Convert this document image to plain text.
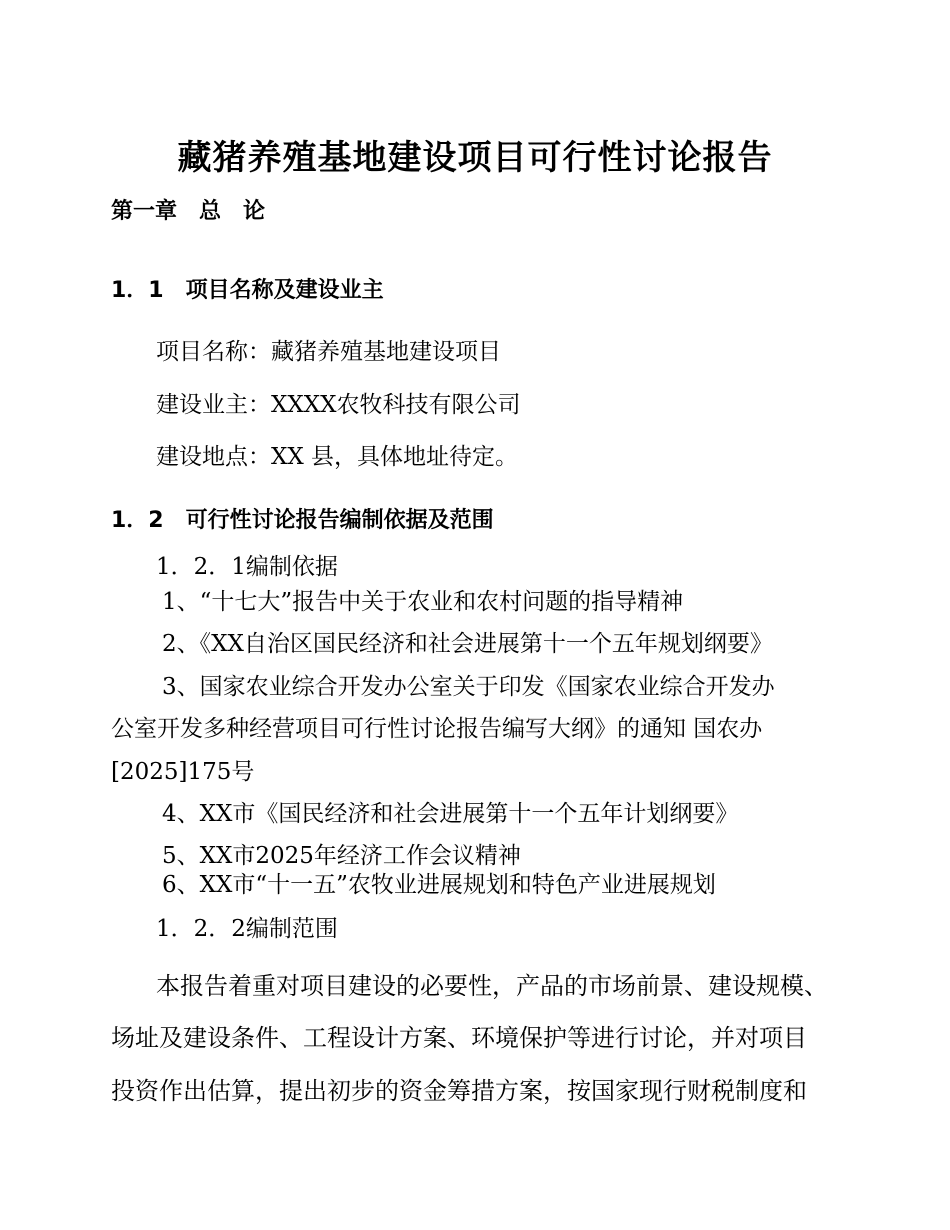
藏猪养殖基地建设项目可行性讨论报告
第一章　总　论
1．1　项目名称及建设业主
项目名称：藏猪养殖基地建设项目
建设业主：XXXX农牧科技有限公司
建设地点：XX 县，具体地址待定。
1．2　可行性讨论报告编制依据及范围
1．2．1编制依据
1、“十七大”报告中关于农业和农村问题的指导精神
2、《XX自治区国民经济和社会进展第十一个五年规划纲要》
3、国家农业综合开发办公室关于印发《国家农业综合开发办
公室开发多种经营项目可行性讨论报告编写大纲》的通知 国农办
[2025]175号
4、XX市《国民经济和社会进展第十一个五年计划纲要》
5、XX市2025年经济工作会议精神
6、XX市“十一五”农牧业进展规划和特色产业进展规划
1．2．2编制范围
本报告着重对项目建设的必要性，产品的市场前景、建设规模、
场址及建设条件、工程设计方案、环境保护等进行讨论，并对项目
投资作出估算，提出初步的资金筹措方案，按国家现行财税制度和
